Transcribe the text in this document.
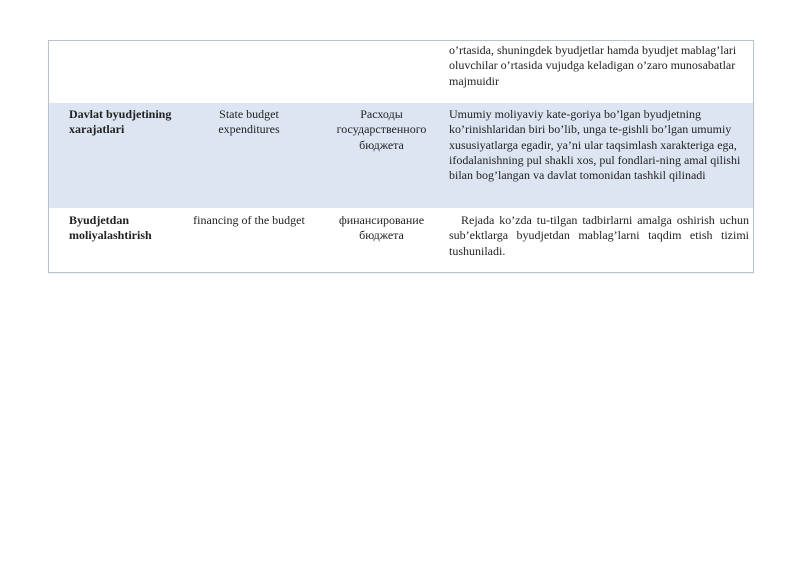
o’rtasida, shuningdek byudjetlar hamda byudjet mablag’lari oluvchilar o’rtasida vujudga keladigan o’zaro munosabatlar majmuidir
Davlat byudjetining xarajatlari
State budget expenditures
Расходы государственного бюджета
Umumiy moliyaviy kate-goriya bo’lgan byudjetning ko’rinishlaridan biri bo’lib, unga te-gishli bo’lgan umumiy xususiyatlarga egadir, ya’ni ular taqsimlash xarakteriga ega, ifodalanishning pul shakli xos, pul fondlari-ning amal qilishi bilan bog’langan va davlat tomonidan tashkil qilinadi
Byudjetdan moliyalashtirish
financing of the budget	финансирование бюджета
Rejada ko’zda tu-tilgan tadbirlarni amalga oshirish uchun sub’ektlarga byudjetdan mablag’larni taqdim etish tizimi tushuniladi.
